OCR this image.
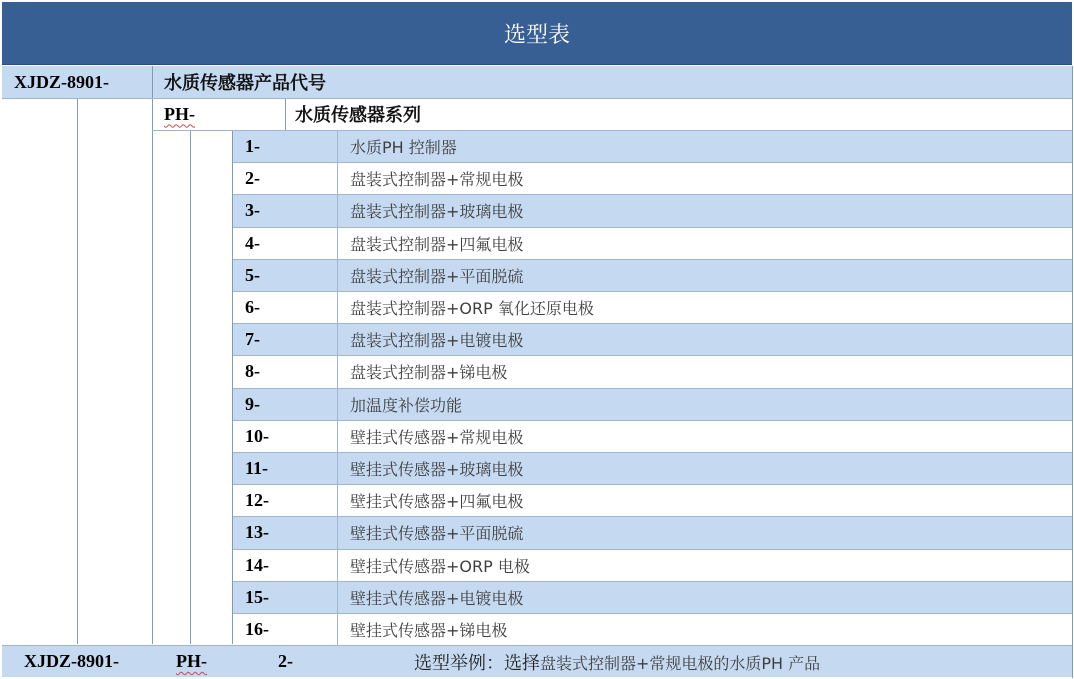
选型表
XJDZ-8901-	水质传感器产品代号
PH-	水质传感器系列
1-	水质PH 控制器
2-	盘装式控制器+常规电极
3-	盘装式控制器+玻璃电极
4-	盘装式控制器+四氟电极
5-	盘装式控制器+平面脱硫
6-	盘装式控制器+ORP 氧化还原电极
7-	盘装式控制器+电镀电极
8-	盘装式控制器+锑电极
9-	加温度补偿功能
10-	壁挂式传感器+常规电极
11-	壁挂式传感器+玻璃电极
12-	壁挂式传感器+四氟电极
13-	壁挂式传感器+平面脱硫
14-	壁挂式传感器+ORP 电极
15-	壁挂式传感器+电镀电极
16-	壁挂式传感器+锑电极
XJDZ-8901-	PH-	2-	选型举例：选择盘装式控制器+常规电极的水质PH 产品
